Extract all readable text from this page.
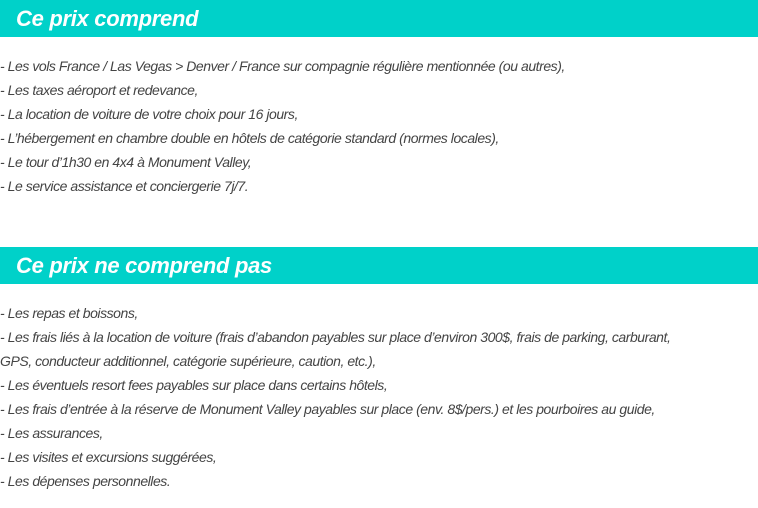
Ce prix comprend
- Les vols France / Las Vegas > Denver / France sur compagnie régulière mentionnée (ou autres),
- Les taxes aéroport et redevance,
- La location de voiture de votre choix pour 16 jours,
- L’hébergement en chambre double en hôtels de catégorie standard (normes locales),
- Le tour d’1h30 en 4x4 à Monument Valley,
- Le service assistance et conciergerie 7j/7.
Ce prix ne comprend pas
- Les repas et boissons,
- Les frais liés à la location de voiture (frais d’abandon payables sur place d’environ 300$, frais de parking, carburant,
GPS, conducteur additionnel, catégorie supérieure, caution, etc.),
- Les éventuels resort fees payables sur place dans certains hôtels,
- Les frais d’entrée à la réserve de Monument Valley payables sur place (env. 8$/pers.) et les pourboires au guide,
- Les assurances,
- Les visites et excursions suggérées,
- Les dépenses personnelles.
